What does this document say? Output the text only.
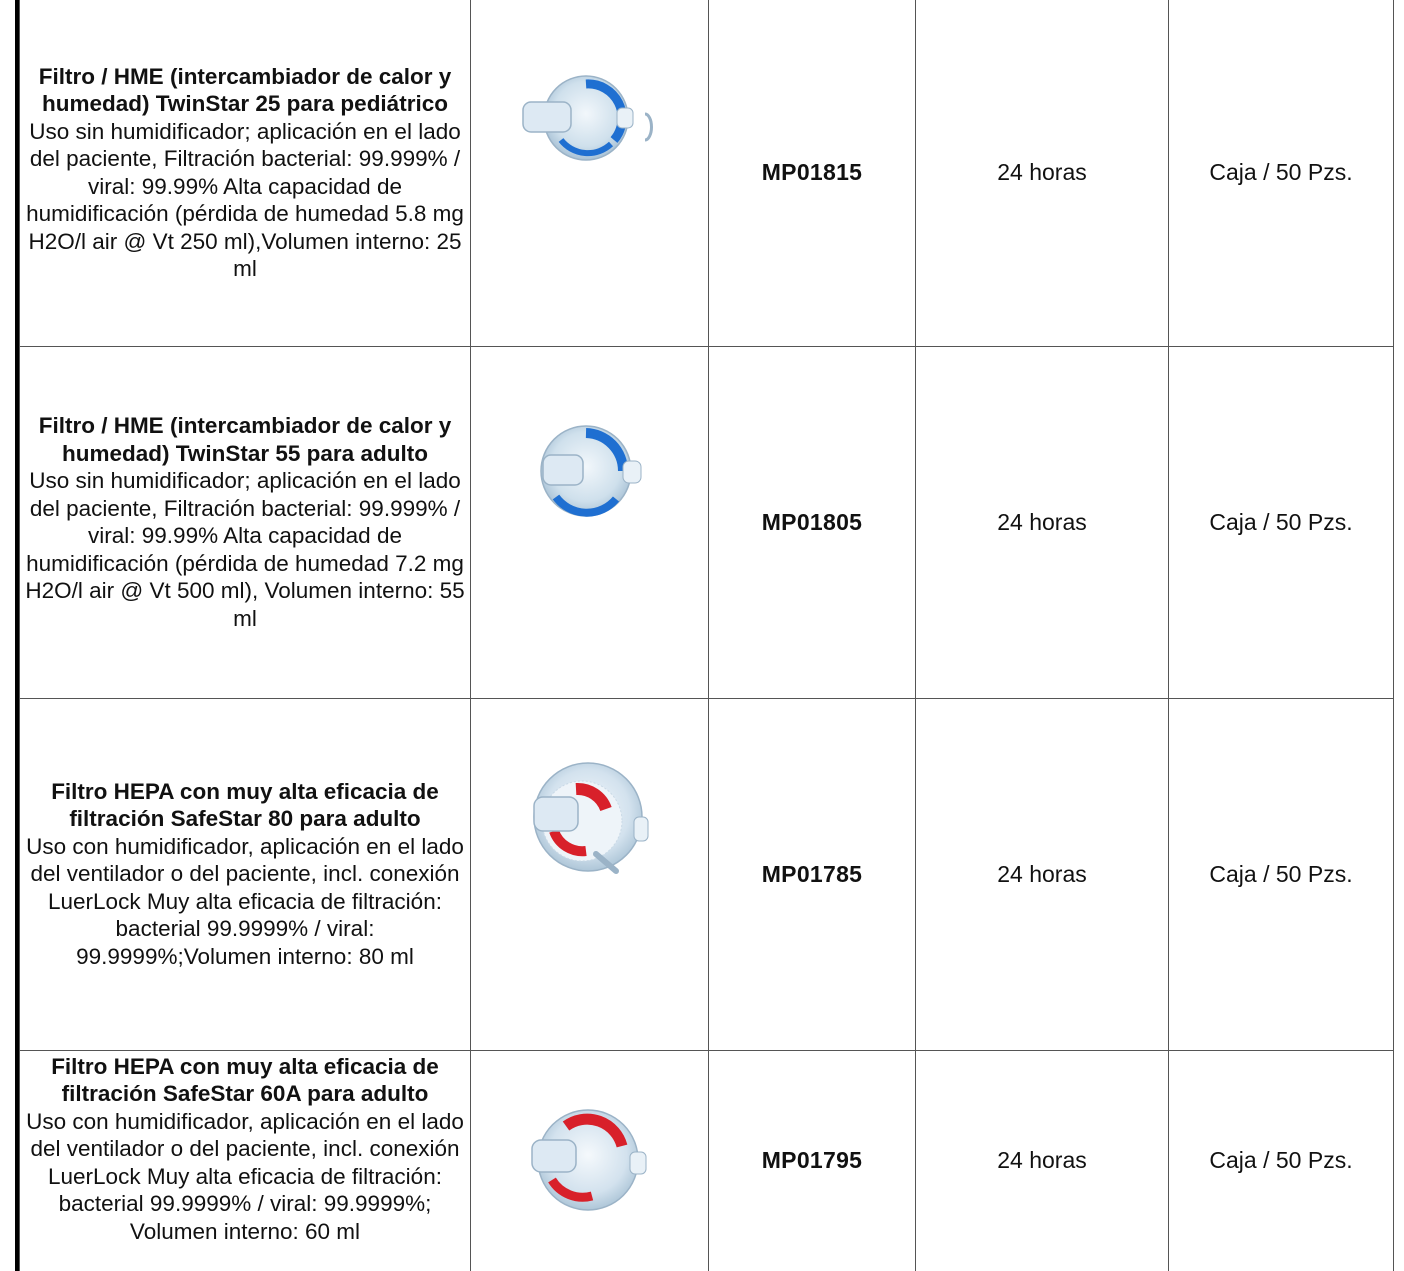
Filtro / HME (intercambiador de calor y humedad) TwinStar 25 para pediátrico Uso sin humidificador; aplicación en el lado del paciente, Filtración bacterial: 99.999% / viral: 99.99% Alta capacidad de humidificación (pérdida de humedad 5.8 mg H2O/l air @ Vt 250 ml),Volumen interno: 25 ml		MP01815	24 horas	Caja / 50 Pzs.

Filtro / HME (intercambiador de calor y humedad) TwinStar 55 para adulto
Uso sin humidificador; aplicación en el lado del paciente, Filtración bacterial: 99.999% / viral: 99.99% Alta capacidad de humidificación (pérdida de humedad 7.2 mg H2O/l air @ Vt 500 ml), Volumen interno: 55 ml		MP01805	24 horas	Caja / 50 Pzs.

Filtro HEPA con muy alta eficacia de filtración SafeStar 80 para adulto
Uso con humidificador, aplicación en el lado del ventilador o del paciente, incl. conexión LuerLock Muy alta eficacia de filtración: bacterial 99.9999% / viral: 99.9999%;Volumen interno: 80 ml		MP01785	24 horas	Caja / 50 Pzs.

Filtro HEPA con muy alta eficacia de filtración SafeStar 60A para adulto
Uso con humidificador, aplicación en el lado del ventilador o del paciente, incl. conexión LuerLock Muy alta eficacia de filtración: bacterial 99.9999% / viral: 99.9999%; Volumen interno: 60 ml		MP01795	24 horas	Caja / 50 Pzs.
